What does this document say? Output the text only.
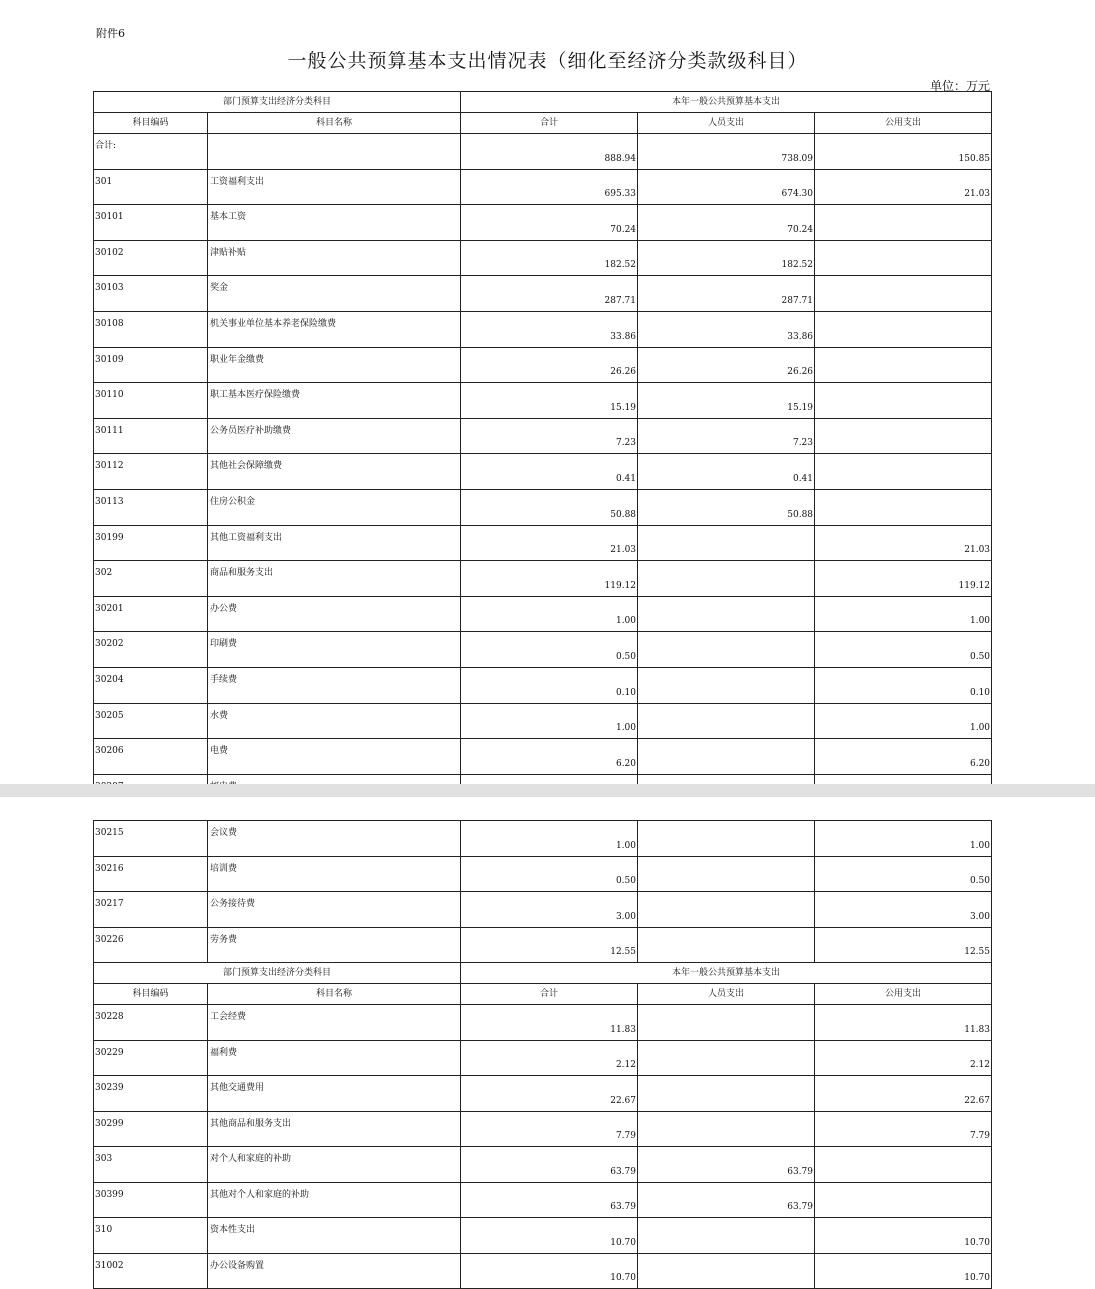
附件6
一般公共预算基本支出情况表（细化至经济分类款级科目）
单位：万元
部门预算支出经济分类科目		本年一般公共预算基本支出		
科目编码	科目名称	合计	人员支出	公用支出
合计:		888.94	738.09	150.85
301	工资福利支出	695.33	674.30	21.03
30101	基本工资	70.24	70.24	
30102	津贴补贴	182.52	182.52	
30103	奖金	287.71	287.71	
30108	机关事业单位基本养老保险缴费	33.86	33.86	
30109	职业年金缴费	26.26	26.26	
30110	职工基本医疗保险缴费	15.19	15.19	
30111	公务员医疗补助缴费	7.23	7.23	
30112	其他社会保障缴费	0.41	0.41	
30113	住房公积金	50.88	50.88	
30199	其他工资福利支出	21.03		21.03
302	商品和服务支出	119.12		119.12
30201	办公费	1.00		1.00
30202	印刷费	0.50		0.50
30204	手续费	0.10		0.10
30205	水费	1.00		1.00
30206	电费	6.20		6.20

30215	会议费	1.00		1.00
30216	培训费	0.50		0.50
30217	公务接待费	3.00		3.00
30226	劳务费	12.55		12.55
部门预算支出经济分类科目		本年一般公共预算基本支出		
科目编码	科目名称	合计	人员支出	公用支出
30228	工会经费	11.83		11.83
30229	福利费	2.12		2.12
30239	其他交通费用	22.67		22.67
30299	其他商品和服务支出	7.79		7.79
303	对个人和家庭的补助	63.79	63.79	
30399	其他对个人和家庭的补助	63.79	63.79	
310	资本性支出	10.70		10.70
31002	办公设备购置	10.70		10.70
